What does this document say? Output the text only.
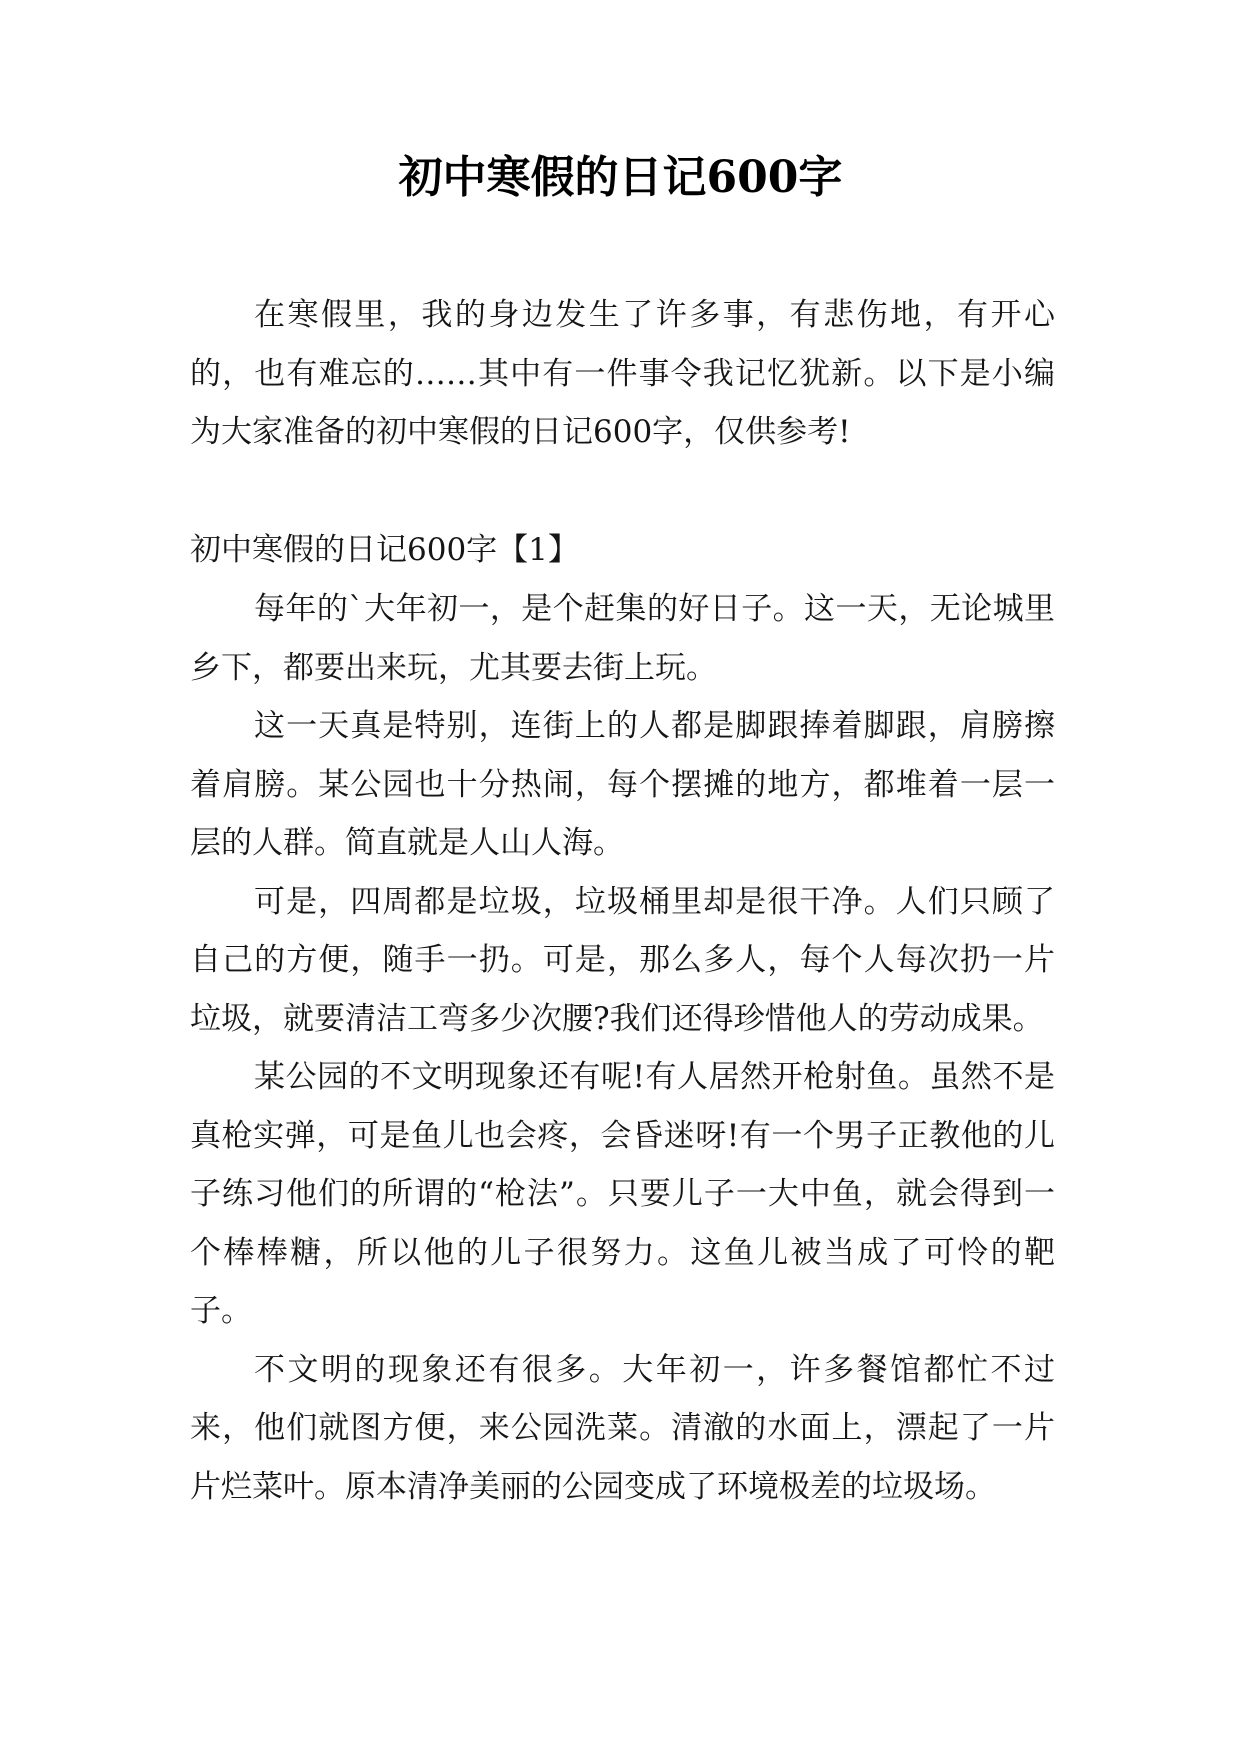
初中寒假的日记600字

在寒假里，我的身边发生了许多事，有悲伤地，有开心的，也有难忘的……其中有一件事令我记忆犹新。以下是小编为大家准备的初中寒假的日记600字，仅供参考!

初中寒假的日记600字【1】

每年的`大年初一，是个赶集的好日子。这一天，无论城里乡下，都要出来玩，尤其要去街上玩。

这一天真是特别，连街上的人都是脚跟捧着脚跟，肩膀擦着肩膀。某公园也十分热闹，每个摆摊的地方，都堆着一层一层的人群。简直就是人山人海。

可是，四周都是垃圾，垃圾桶里却是很干净。人们只顾了自己的方便，随手一扔。可是，那么多人，每个人每次扔一片垃圾，就要清洁工弯多少次腰?我们还得珍惜他人的劳动成果。

某公园的不文明现象还有呢!有人居然开枪射鱼。虽然不是真枪实弹，可是鱼儿也会疼，会昏迷呀!有一个男子正教他的儿子练习他们的所谓的“枪法”。只要儿子一大中鱼，就会得到一个棒棒糖，所以他的儿子很努力。这鱼儿被当成了可怜的靶子。

不文明的现象还有很多。大年初一，许多餐馆都忙不过来，他们就图方便，来公园洗菜。清澈的水面上，漂起了一片片烂菜叶。原本清净美丽的公园变成了环境极差的垃圾场。
